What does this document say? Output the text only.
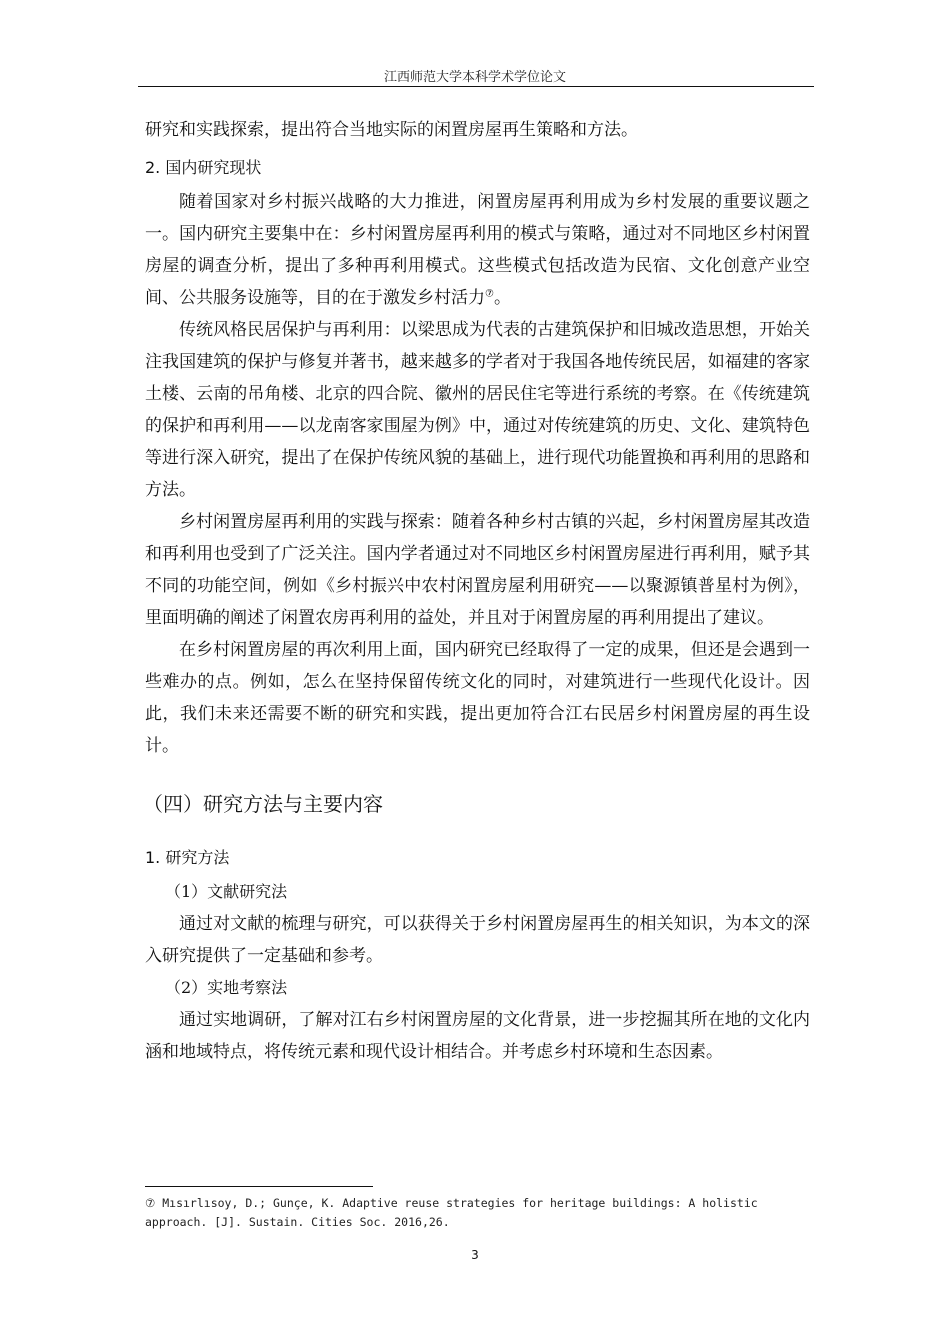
江西师范大学本科学术学位论文

研究和实践探索，提出符合当地实际的闲置房屋再生策略和方法。

2. 国内研究现状

随着国家对乡村振兴战略的大力推进，闲置房屋再利用成为乡村发展的重要议题之一。国内研究主要集中在：乡村闲置房屋再利用的模式与策略，通过对不同地区乡村闲置房屋的调查分析，提出了多种再利用模式。这些模式包括改造为民宿、文化创意产业空间、公共服务设施等，目的在于激发乡村活力⑦。

传统风格民居保护与再利用：以梁思成为代表的古建筑保护和旧城改造思想，开始关注我国建筑的保护与修复并著书，越来越多的学者对于我国各地传统民居，如福建的客家土楼、云南的吊角楼、北京的四合院、徽州的居民住宅等进行系统的考察。在《传统建筑的保护和再利用——以龙南客家围屋为例》中，通过对传统建筑的历史、文化、建筑特色等进行深入研究，提出了在保护传统风貌的基础上，进行现代功能置换和再利用的思路和方法。

乡村闲置房屋再利用的实践与探索：随着各种乡村古镇的兴起，乡村闲置房屋其改造和再利用也受到了广泛关注。国内学者通过对不同地区乡村闲置房屋进行再利用，赋予其不同的功能空间，例如《乡村振兴中农村闲置房屋利用研究——以聚源镇普星村为例》，里面明确的阐述了闲置农房再利用的益处，并且对于闲置房屋的再利用提出了建议。

在乡村闲置房屋的再次利用上面，国内研究已经取得了一定的成果，但还是会遇到一些难办的点。例如，怎么在坚持保留传统文化的同时，对建筑进行一些现代化设计。因此，我们未来还需要不断的研究和实践，提出更加符合江右民居乡村闲置房屋的再生设计。

（四）研究方法与主要内容
1. 研究方法
（1）文献研究法

通过对文献的梳理与研究，可以获得关于乡村闲置房屋再生的相关知识，为本文的深入研究提供了一定基础和参考。

（2）实地考察法

通过实地调研，了解对江右乡村闲置房屋的文化背景，进一步挖掘其所在地的文化内涵和地域特点，将传统元素和现代设计相结合。并考虑乡村环境和生态因素。

⑦ Mısırlısoy, D.; Gunçe, K. Adaptive reuse strategies for heritage buildings: A holistic approach. [J]. Sustain. Cities Soc. 2016,26.
3
